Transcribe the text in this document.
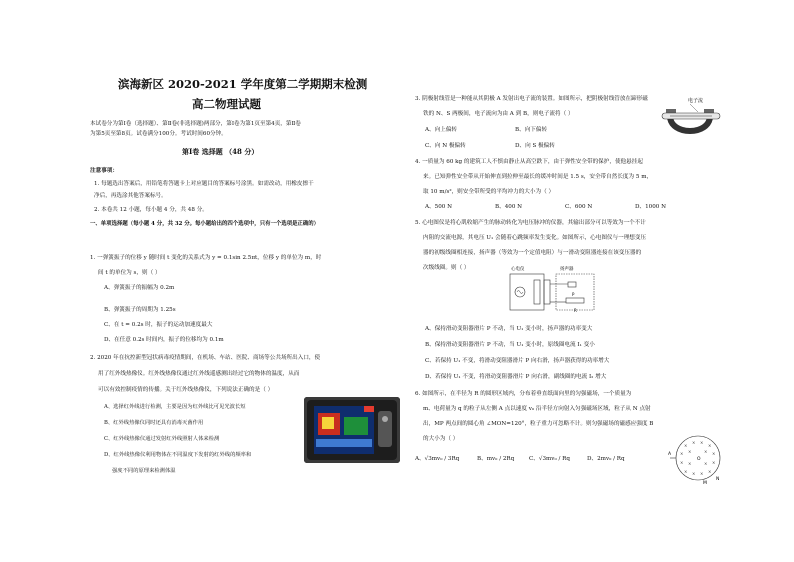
滨海新区 2020-2021 学年度第二学期期末检测
高二物理试题
本试卷分为第Ⅰ卷（选择题）、第Ⅱ卷(非选择题)两部分，第Ⅰ卷为第1页至第4页，第Ⅱ卷
为第5页至第8页。试卷满分100分。考试时间60分钟。
第Ⅰ卷 选择题 （48 分）
注意事项：
1. 每题选出答案后，用铅笔将答题卡上对应题目的答案标号涂黑。如需改动，用橡皮擦干
净后，再选涂其他答案标号。
2. 本卷共 12 小题，每小题 4 分，共 48 分。
一、单项选择题（每小题 4 分，共 32 分。每小题给出的四个选项中，只有一个选项是正确的）
1. 一弹簧振子的位移 y 随时间 t 变化的关系式为 y = 0.1sin 2.5πt，位移 y 的单位为 m，时
间 t 的单位为 s，则（ ）
A、弹簧振子的振幅为 0.2m
B、弹簧振子的周期为 1.25s
C、在 t = 0.2s 时，振子的运动加速度最大
D、在任意 0.2s 时间内，振子的位移均为 0.1m
2. 2020 年在抗控新型冠状病毒疫情期间，在机场、车站、医院、商场等公共场所出入口，使
用了红外线热像仪。红外线热像仪通过红外线遥感测出经过它的物体的温度，从而
可以有效控制疫情的传播。关于红外线热像仪，下列说法正确的是（ ）
A、选择红外线进行检测，主要是因为红外线比可见光波长短
B、红外线热像仪同时还具有消毒灭菌作用
C、红外线热像仪通过发射红外线照射人体来检测
D、红外线热像仪利用物体在不同温度下发射的红外线的频率和
强度不同的原理来检测体温
3. 阴极射线管是一种能从其阴极 A 发射出电子流的装置。如图所示，把阴极射线管放在蹄形磁
铁的 N、S 两极间，电子流向为由 A 到 B，则电子流将（ ）
A、向上偏转	B、向下偏转
C、向 N 极偏转	D、向 S 极偏转
4. 一质量为 60 kg 的建筑工人不慎由静止从高空跌下，由于弹性安全带的保护，使他悬挂起
来。已知弹性安全带从开始伸直到拉伸至最长的缓冲时间是 1.5 s，安全带自然长度为 5 m，
取 10 m/s²，则安全带所受的平均冲力的大小为（ ）
A、500 N	B、400 N	C、600 N	D、1000 N
5. 心电图仪是将心肌收缩产生的脉动转化为电压脉冲的仪器，其输出部分可以等效为一个不计
内阻的交流电源，其电压 U₁ 会随着心跳频率发生变化。如图所示，心电图仪与一理想变压
器的初级线圈相连接，扬声器（等效为一个定值电阻）与一滑动变阻器连接在该变压器的
次级线圈。则（ ）
A、保持滑动变阻器滑片 P 不动，当 U₁ 变小时，扬声器的功率变大
B、保持滑动变阻器滑片 P 不动，当 U₁ 变小时，原线圈电流 I₁ 变小
C、若保持 U₁ 不变，将滑动变阻器滑片 P 向右滑，扬声器获得的功率增大
D、若保持 U₁ 不变，将滑动变阻器滑片 P 向右滑，副线圈的电流 I₂ 增大
6. 如图所示，在半径为 R 的圆形区域内，分布着垂直纸面向里的匀强磁场，一个质量为
m、电荷量为 q 的粒子从左侧 A 点以速度 v₀ 沿半径方向射入匀强磁场区域，粒子从 N 点射
出，MP 两点间的圆心角 ∠MON=120°，粒子重力可忽略不计。则匀强磁场的磁感应强度 B
的大小为（ ）
A、√3mv₀ / 3Rq	B、mv₀ / 2Rq	C、√3mv₀ / Rq	D、2mv₀ / Rq
电子流
心电仪	扬声器
R
P
×
× ×
×
× ×	× ×
× ×	× ×
× × × ×
A
O
M
N
